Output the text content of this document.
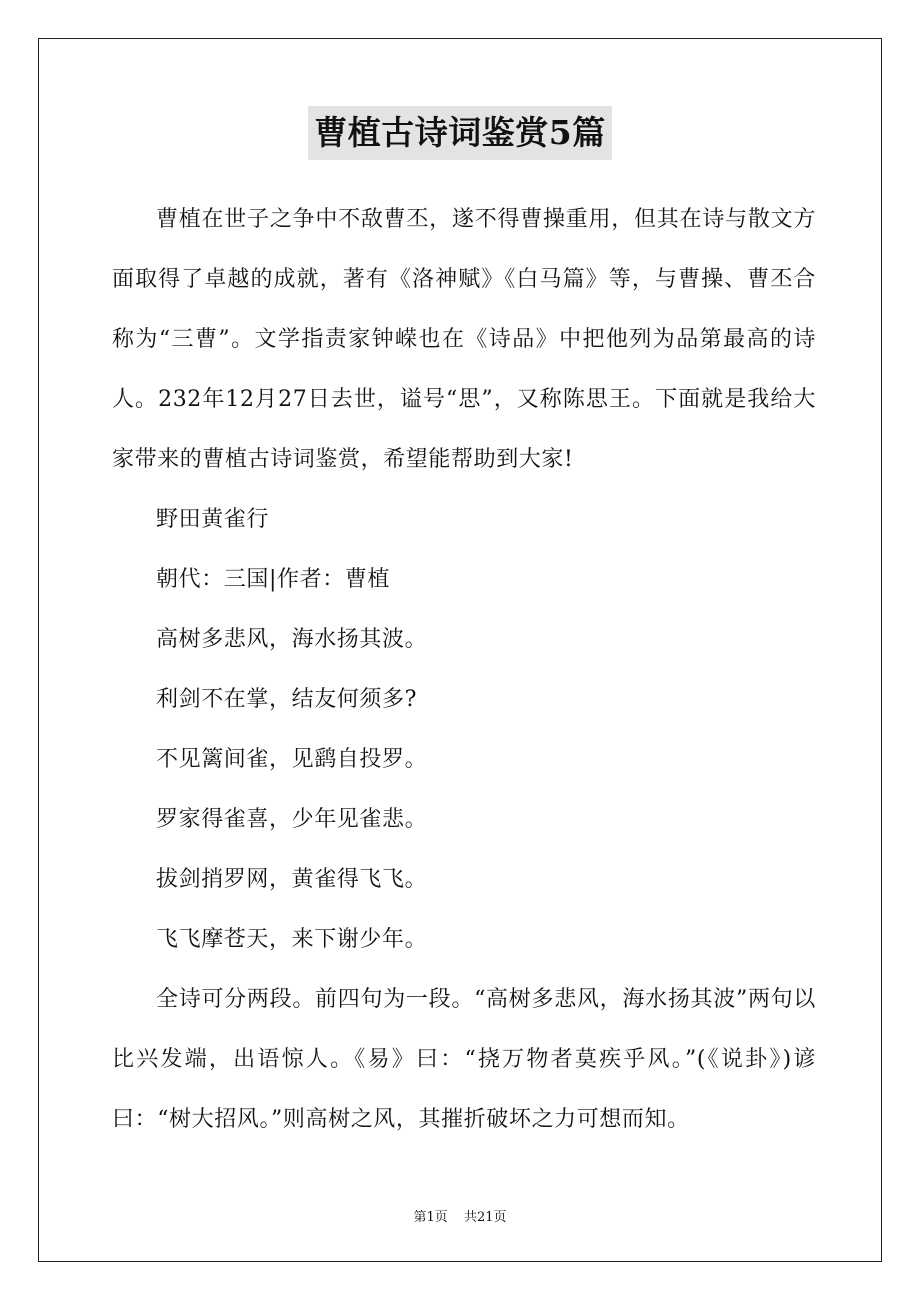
曹植古诗词鉴赏5篇

曹植在世子之争中不敌曹丕，遂不得曹操重用，但其在诗与散文方面取得了卓越的成就，著有《洛神赋》《白马篇》等，与曹操、曹丕合称为“三曹”。文学指责家钟嵘也在《诗品》中把他列为品第最高的诗人。232年12月27日去世，谥号“思”，又称陈思王。下面就是我给大家带来的曹植古诗词鉴赏，希望能帮助到大家!

野田黄雀行

朝代：三国|作者：曹植

高树多悲风，海水扬其波。

利剑不在掌，结友何须多?

不见篱间雀，见鹞自投罗。

罗家得雀喜，少年见雀悲。

拔剑捎罗网，黄雀得飞飞。

飞飞摩苍天，来下谢少年。

全诗可分两段。前四句为一段。“高树多悲风，海水扬其波”两句以比兴发端，出语惊人。《易》曰：“挠万物者莫疾乎风。”(《说卦》)谚曰：“树大招风。”则高树之风，其摧折破坏之力可想而知。

第1页 共21页
